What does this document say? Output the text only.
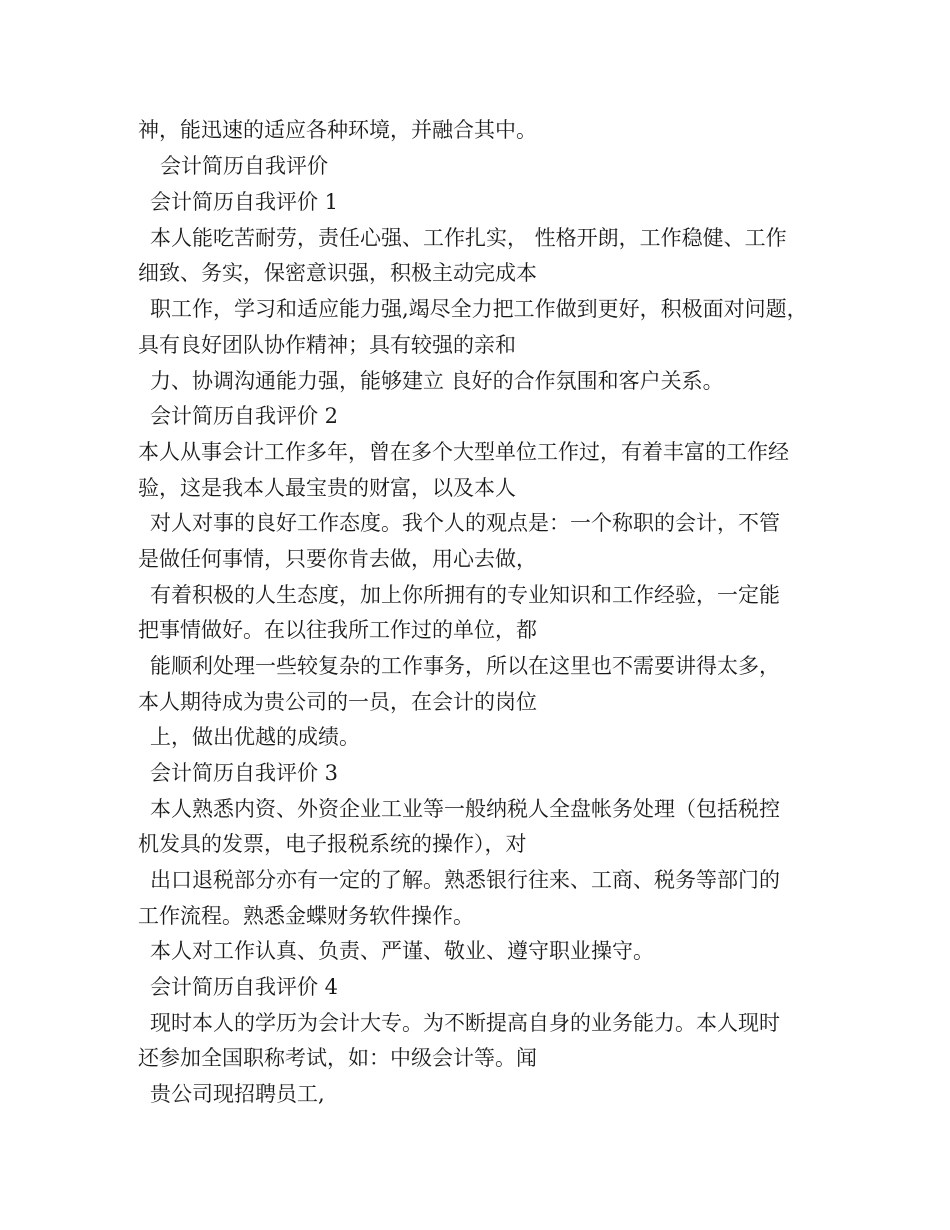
神，能迅速的适应各种环境，并融合其中。
会计简历自我评价
会计简历自我评价 1
本人能吃苦耐劳，责任心强、工作扎实， 性格开朗，工作稳健、工作
细致、务实，保密意识强，积极主动完成本
职工作，学习和适应能力强,竭尽全力把工作做到更好，积极面对问题，
具有良好团队协作精神；具有较强的亲和
力、协调沟通能力强，能够建立 良好的合作氛围和客户关系。
会计简历自我评价 2
本人从事会计工作多年，曾在多个大型单位工作过，有着丰富的工作经
验，这是我本人最宝贵的财富，以及本人
对人对事的良好工作态度。我个人的观点是：一个称职的会计，不管
是做任何事情，只要你肯去做，用心去做，
有着积极的人生态度，加上你所拥有的专业知识和工作经验，一定能
把事情做好。在以往我所工作过的单位，都
能顺利处理一些较复杂的工作事务，所以在这里也不需要讲得太多，
本人期待成为贵公司的一员，在会计的岗位
上，做出优越的成绩。
会计简历自我评价 3
本人熟悉内资、外资企业工业等一般纳税人全盘帐务处理（包括税控
机发具的发票，电子报税系统的操作），对
出口退税部分亦有一定的了解。熟悉银行往来、工商、税务等部门的
工作流程。熟悉金蝶财务软件操作。
本人对工作认真、负责、严谨、敬业、遵守职业操守。
会计简历自我评价 4
现时本人的学历为会计大专。为不断提高自身的业务能力。本人现时
还参加全国职称考试，如：中级会计等。闻
贵公司现招聘员工,
